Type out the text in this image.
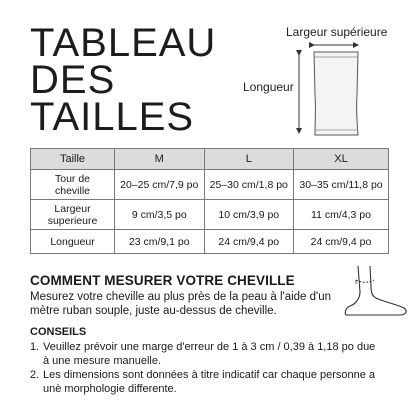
TABLEAU
DES
TAILLES
Largeur supérieure
Longueur
Taille	M	L	XL
Tour de
cheville	20–25 cm/7,9 po	25–30 cm/1,8 po	30–35 cm/11,8 po
Largeur
superieure	9 cm/3,5 po	10 cm/3,9 po	11 cm/4,3 po
Longueur	23 cm/9,1 po	24 cm/9,4 po	24 cm/9,4 po
COMMENT MESURER VOTRE CHEVILLE
Mesurez votre cheville au plus près de la peau à l'aide d'un mètre ruban souple, juste au-dessus de cheville.
CONSEILS
1. Veuillez prévoir une marge d'erreur de 1 à 3 cm / 0,39 à 1,18 po due à une mesure manuelle.
2. Les dimensions sont données à titre indicatif car chaque personne a unè morphologie differente.
